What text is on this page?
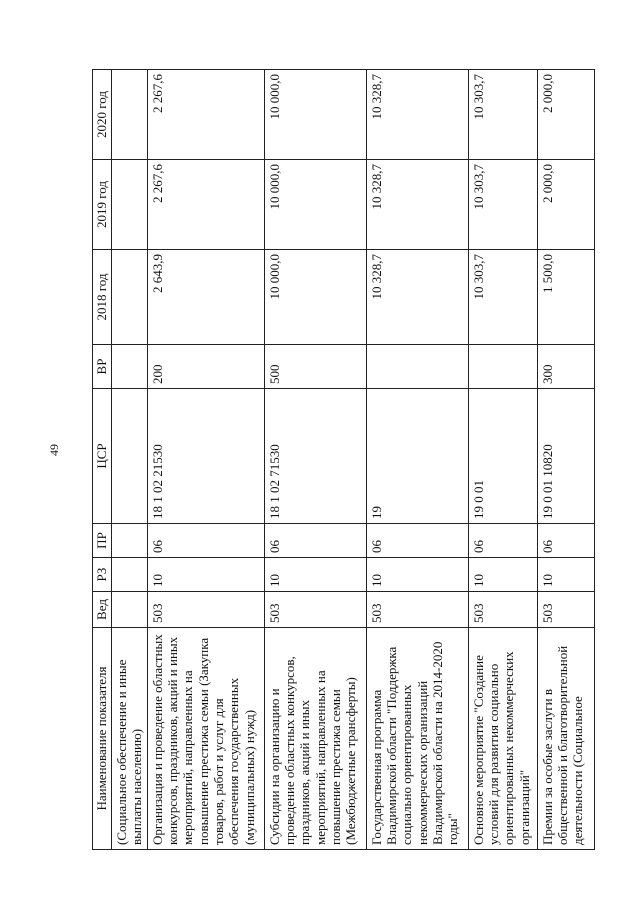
49
Наименование показателя	Вед	РЗ	ПР	ЦСР	ВР	2018 год	2019 год	2020 год
(Социальное обеспечение и иные выплаты населению)								
Организация и проведение областных конкурсов, праздников, акций и иных мероприятий, направленных на повышение престижа семьи (Закупка товаров, работ и услуг для обеспечения государственных (муниципальных) нужд)	503	10	06	18 1 02 21530	200	2 643,9	2 267,6	2 267,6
Субсидии на организацию и проведение областных конкурсов, праздников, акций и иных мероприятий, направленных на повышение престижа семьи (Межбюджетные трансферты)	503	10	06	18 1 02 71530	500	10 000,0	10 000,0	10 000,0
Государственная программа Владимирской области "Поддержка социально ориентированных некоммерческих организаций Владимирской области на 2014-2020 годы"	503	10	06	19		10 328,7	10 328,7	10 328,7
Основное мероприятие "Создание условий для развития социально ориентированных некоммерческих организаций"	503	10	06	19 0 01		10 303,7	10 303,7	10 303,7
Премии за особые заслуги в общественной и благотворительной деятельности (Социальное	503	10	06	19 0 01 10820	300	1 500,0	2 000,0	2 000,0
